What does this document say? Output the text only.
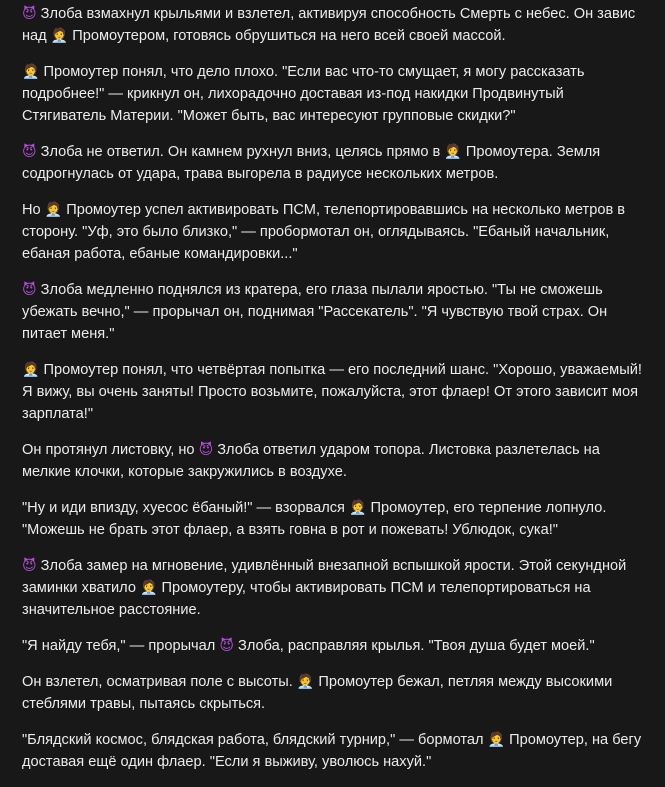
😈 Злоба взмахнул крыльями и взлетел, активируя способность Смерть с небес. Он завис над 🧑‍💼 Промоутером, готовясь обрушиться на него всей своей массой.

🧑‍💼 Промоутер понял, что дело плохо. "Если вас что-то смущает, я могу рассказать подробнее!" — крикнул он, лихорадочно доставая из-под накидки Продвинутый Стягиватель Материи. "Может быть, вас интересуют групповые скидки?"

😈 Злоба не ответил. Он камнем рухнул вниз, целясь прямо в 🧑‍💼 Промоутера. Земля содрогнулась от удара, трава выгорела в радиусе нескольких метров.

Но 🧑‍💼 Промоутер успел активировать ПСМ, телепортировавшись на несколько метров в сторону. "Уф, это было близко," — пробормотал он, оглядываясь. "Ебаный начальник, ебаная работа, ебаные командировки..."

😈 Злоба медленно поднялся из кратера, его глаза пылали яростью. "Ты не сможешь убежать вечно," — прорычал он, поднимая "Рассекатель". "Я чувствую твой страх. Он питает меня."

🧑‍💼 Промоутер понял, что четвёртая попытка — его последний шанс. "Хорошо, уважаемый! Я вижу, вы очень заняты! Просто возьмите, пожалуйста, этот флаер! От этого зависит моя зарплата!"

Он протянул листовку, но 😈 Злоба ответил ударом топора. Листовка разлетелась на мелкие клочки, которые закружились в воздухе.

"Ну и иди впизду, хуесос ёбаный!" — взорвался 🧑‍💼 Промоутер, его терпение лопнуло. "Можешь не брать этот флаер, а взять говна в рот и пожевать! Ублюдок, сука!"

😈 Злоба замер на мгновение, удивлённый внезапной вспышкой ярости. Этой секундной заминки хватило 🧑‍💼 Промоутеру, чтобы активировать ПСМ и телепортироваться на значительное расстояние.

"Я найду тебя," — прорычал 😈 Злоба, расправляя крылья. "Твоя душа будет моей."

Он взлетел, осматривая поле с высоты. 🧑‍💼 Промоутер бежал, петляя между высокими стеблями травы, пытаясь скрыться.

"Блядский космос, блядская работа, блядский турнир," — бормотал 🧑‍💼 Промоутер, на бегу доставая ещё один флаер. "Если я выживу, уволюсь нахуй."
